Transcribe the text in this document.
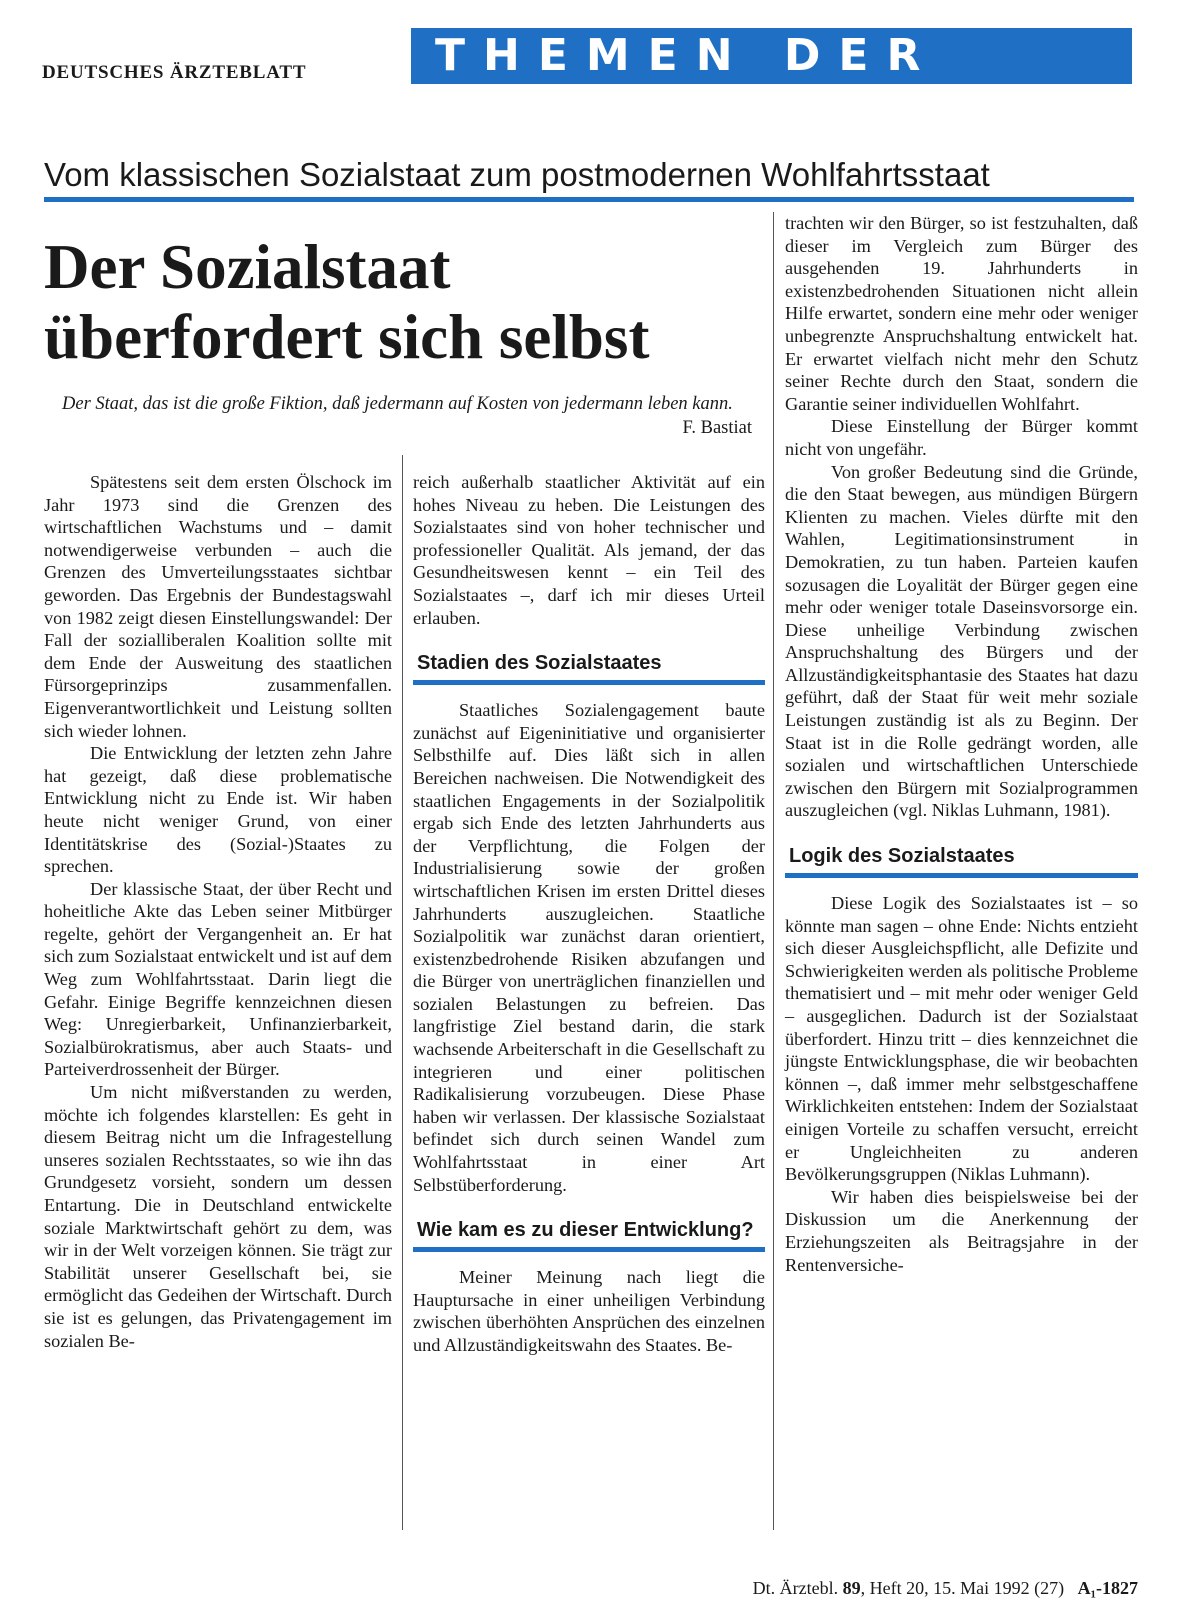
DEUTSCHES ÄRZTEBLATT	THEMEN DER ZEIT
Vom klassischen Sozialstaat zum postmodernen Wohlfahrtsstaat
Der Sozialstaat
überfordert sich selbst
Der Staat, das ist die große Fiktion, daß jedermann auf Kosten von jedermann leben kann.
F. Bastiat

Spätestens seit dem ersten Ölschock im Jahr 1973 sind die Grenzen des wirtschaftlichen Wachstums und – damit notwendigerweise verbunden – auch die Grenzen des Umverteilungsstaates sichtbar geworden. Das Ergebnis der Bundestagswahl von 1982 zeigt diesen Einstellungswandel: Der Fall der sozialliberalen Koalition sollte mit dem Ende der Ausweitung des staatlichen Fürsorgeprinzips zusammenfallen. Eigenverantwortlichkeit und Leistung sollten sich wieder lohnen.

Die Entwicklung der letzten zehn Jahre hat gezeigt, daß diese problematische Entwicklung nicht zu Ende ist. Wir haben heute nicht weniger Grund, von einer Identitätskrise des (Sozial-)Staates zu sprechen.

Der klassische Staat, der über Recht und hoheitliche Akte das Leben seiner Mitbürger regelte, gehört der Vergangenheit an. Er hat sich zum Sozialstaat entwickelt und ist auf dem Weg zum Wohlfahrtsstaat. Darin liegt die Gefahr. Einige Begriffe kennzeichnen diesen Weg: Unregierbarkeit, Unfinanzierbarkeit, Sozialbürokratismus, aber auch Staats- und Parteiverdrossenheit der Bürger.

Um nicht mißverstanden zu werden, möchte ich folgendes klarstellen: Es geht in diesem Beitrag nicht um die Infragestellung unseres sozialen Rechtsstaates, so wie ihn das Grundgesetz vorsieht, sondern um dessen Entartung. Die in Deutschland entwickelte soziale Marktwirtschaft gehört zu dem, was wir in der Welt vorzeigen können. Sie trägt zur Stabilität unserer Gesellschaft bei, sie ermöglicht das Gedeihen der Wirtschaft. Durch sie ist es gelungen, das Privatengagement im sozialen Be-

reich außerhalb staatlicher Aktivität auf ein hohes Niveau zu heben. Die Leistungen des Sozialstaates sind von hoher technischer und professioneller Qualität. Als jemand, der das Gesundheitswesen kennt – ein Teil des Sozialstaates –, darf ich mir dieses Urteil erlauben.

Stadien des Sozialstaates

Staatliches Sozialengagement baute zunächst auf Eigeninitiative und organisierter Selbsthilfe auf. Dies läßt sich in allen Bereichen nachweisen. Die Notwendigkeit des staatlichen Engagements in der Sozialpolitik ergab sich Ende des letzten Jahrhunderts aus der Verpflichtung, die Folgen der Industrialisierung sowie der großen wirtschaftlichen Krisen im ersten Drittel dieses Jahrhunderts auszugleichen. Staatliche Sozialpolitik war zunächst daran orientiert, existenzbedrohende Risiken abzufangen und die Bürger von unerträglichen finanziellen und sozialen Belastungen zu befreien. Das langfristige Ziel bestand darin, die stark wachsende Arbeiterschaft in die Gesellschaft zu integrieren und einer politischen Radikalisierung vorzubeugen. Diese Phase haben wir verlassen. Der klassische Sozialstaat befindet sich durch seinen Wandel zum Wohlfahrtsstaat in einer Art Selbstüberforderung.

Wie kam es zu dieser Entwicklung?

Meiner Meinung nach liegt die Hauptursache in einer unheiligen Verbindung zwischen überhöhten Ansprüchen des einzelnen und Allzuständigkeitswahn des Staates. Be-

trachten wir den Bürger, so ist festzuhalten, daß dieser im Vergleich zum Bürger des ausgehenden 19. Jahrhunderts in existenzbedrohenden Situationen nicht allein Hilfe erwartet, sondern eine mehr oder weniger unbegrenzte Anspruchshaltung entwickelt hat. Er erwartet vielfach nicht mehr den Schutz seiner Rechte durch den Staat, sondern die Garantie seiner individuellen Wohlfahrt.

Diese Einstellung der Bürger kommt nicht von ungefähr.

Von großer Bedeutung sind die Gründe, die den Staat bewegen, aus mündigen Bürgern Klienten zu machen. Vieles dürfte mit den Wahlen, Legitimationsinstrument in Demokratien, zu tun haben. Parteien kaufen sozusagen die Loyalität der Bürger gegen eine mehr oder weniger totale Daseinsvorsorge ein. Diese unheilige Verbindung zwischen Anspruchshaltung des Bürgers und der Allzuständigkeitsphantasie des Staates hat dazu geführt, daß der Staat für weit mehr soziale Leistungen zuständig ist als zu Beginn. Der Staat ist in die Rolle gedrängt worden, alle sozialen und wirtschaftlichen Unterschiede zwischen den Bürgern mit Sozialprogrammen auszugleichen (vgl. Niklas Luhmann, 1981).

Logik des Sozialstaates

Diese Logik des Sozialstaates ist – so könnte man sagen – ohne Ende: Nichts entzieht sich dieser Ausgleichspflicht, alle Defizite und Schwierigkeiten werden als politische Probleme thematisiert und – mit mehr oder weniger Geld – ausgeglichen. Dadurch ist der Sozialstaat überfordert. Hinzu tritt – dies kennzeichnet die jüngste Entwicklungsphase, die wir beobachten können –, daß immer mehr selbstgeschaffene Wirklichkeiten entstehen: Indem der Sozialstaat einigen Vorteile zu schaffen versucht, erreicht er Ungleichheiten zu anderen Bevölkerungsgruppen (Niklas Luhmann).

Wir haben dies beispielsweise bei der Diskussion um die Anerkennung der Erziehungszeiten als Beitragsjahre in der Rentenversiche-

Dt. Ärztebl. 89, Heft 20, 15. Mai 1992 (27) A₁-1827
